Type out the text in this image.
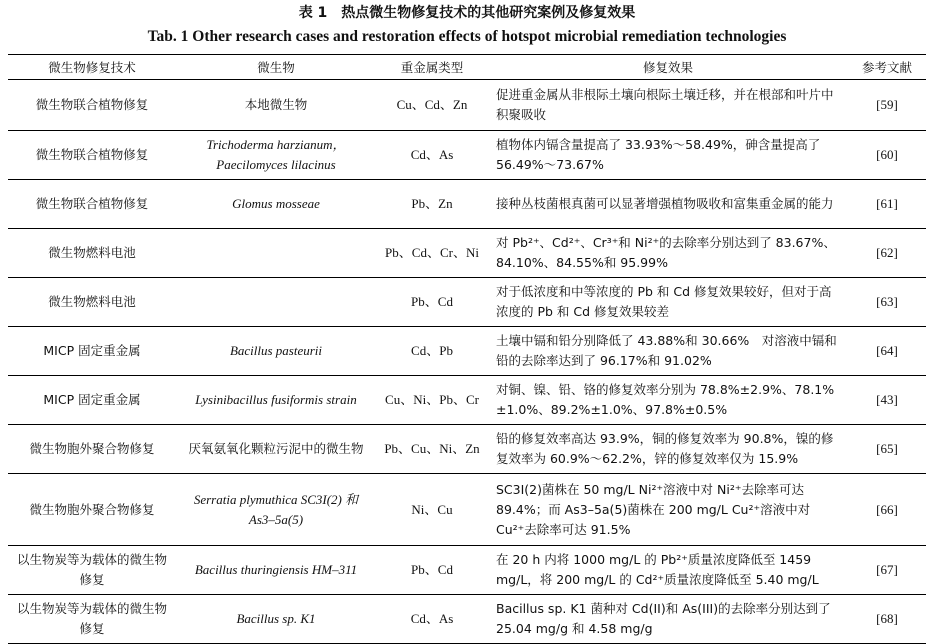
表 1　热点微生物修复技术的其他研究案例及修复效果
Tab. 1 Other research cases and restoration effects of hotspot microbial remediation technologies
微生物修复技术	微生物	重金属类型	修复效果	参考文献
微生物联合植物修复	本地微生物	Cu、Cd、Zn	促进重金属从非根际土壤向根际土壤迁移，并在根部和叶片中积聚吸收	[59]
微生物联合植物修复	Trichoderma harzianum，Paecilomyces lilacinus	Cd、As	植物体内镉含量提高了 33.93%～58.49%，砷含量提高了 56.49%～73.67%	[60]
微生物联合植物修复	Glomus mosseae	Pb、Zn	接种丛枝菌根真菌可以显著增强植物吸收和富集重金属的能力	[61]
微生物燃料电池		Pb、Cd、Cr、Ni	对 Pb²⁺、Cd²⁺、Cr³⁺和 Ni²⁺的去除率分别达到了 83.67%、84.10%、84.55%和 95.99%	[62]
微生物燃料电池		Pb、Cd	对于低浓度和中等浓度的 Pb 和 Cd 修复效果较好，但对于高浓度的 Pb 和 Cd 修复效果较差	[63]
MICP 固定重金属	Bacillus pasteurii	Cd、Pb	土壤中镉和铅分别降低了 43.88%和 30.66%　对溶液中镉和铅的去除率达到了 96.17%和 91.02%	[64]
MICP 固定重金属	Lysinibacillus fusiformis strain	Cu、Ni、Pb、Cr	对铜、镍、铅、铬的修复效率分别为 78.8%±2.9%、78.1%±1.0%、89.2%±1.0%、97.8%±0.5%	[43]
微生物胞外聚合物修复	厌氧氨氧化颗粒污泥中的微生物	Pb、Cu、Ni、Zn	铅的修复效率高达 93.9%，铜的修复效率为 90.8%，镍的修复效率为 60.9%～62.2%，锌的修复效率仅为 15.9%	[65]
微生物胞外聚合物修复	Serratia plymuthica SC3I(2) 和 As3–5a(5)	Ni、Cu	SC3I(2)菌株在 50 mg/L Ni²⁺溶液中对 Ni²⁺去除率可达 89.4%；而 As3–5a(5)菌株在 200 mg/L Cu²⁺溶液中对 Cu²⁺去除率可达 91.5%	[66]
以生物炭等为载体的微生物修复	Bacillus thuringiensis HM–311	Pb、Cd	在 20 h 内将 1000 mg/L 的 Pb²⁺质量浓度降低至 1459 mg/L，将 200 mg/L 的 Cd²⁺质量浓度降低至 5.40 mg/L	[67]
以生物炭等为载体的微生物修复	Bacillus sp. K1	Cd、As	Bacillus sp. K1 菌种对 Cd(II)和 As(III)的去除率分别达到了 25.04 mg/g 和 4.58 mg/g	[68]
